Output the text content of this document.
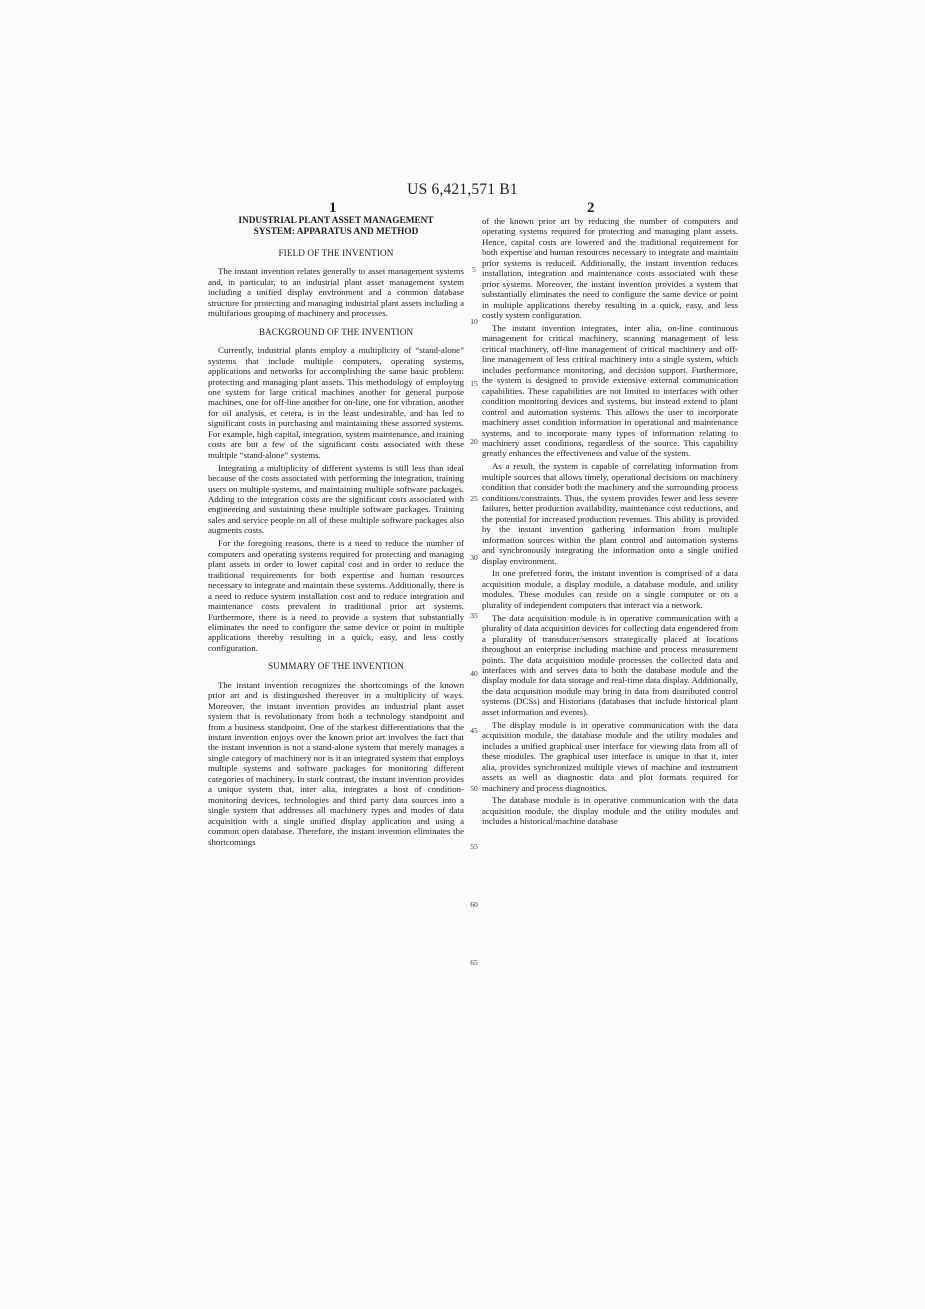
US 6,421,571 B1
1	2
INDUSTRIAL PLANT ASSET MANAGEMENT
SYSTEM: APPARATUS AND METHOD
FIELD OF THE INVENTION

The instant invention relates generally to asset management systems and, in particular, to an industrial plant asset management system including a unified display environment and a common database structure for protecting and managing industrial plant assets including a multifarious grouping of machinery and processes.

BACKGROUND OF THE INVENTION

Currently, industrial plants employ a multiplicity of “stand-alone” systems that include multiple computers, operating systems, applications and networks for accomplishing the same basic problem: protecting and managing plant assets. This methodology of employing one system for large critical machines another for general purpose machines, one for off-line another for on-line, one for vibration, another for oil analysis, et cetera, is in the least undesirable, and has led to significant costs in purchasing and maintaining these assorted systems. For example, high capital, integration, system maintenance, and training costs are but a few of the significant costs associated with these multiple “stand-alone” systems.

Integrating a multiplicity of different systems is still less than ideal because of the costs associated with performing the integration, training users on multiple systems, and maintaining multiple software packages. Adding to the integration costs are the significant costs associated with engineering and sustaining these multiple software packages. Training sales and service people on all of these multiple software packages also augments costs.

For the foregoing reasons, there is a need to reduce the number of computers and operating systems required for protecting and managing plant assets in order to lower capital cost and in order to reduce the traditional requirements for both expertise and human resources necessary to integrate and maintain these systems. Additionally, there is a need to reduce system installation cost and to reduce integration and maintenance costs prevalent in traditional prior art systems. Furthermore, there is a need to provide a system that substantially eliminates the need to configure the same device or point in multiple applications thereby resulting in a quick, easy, and less costly configuration.

SUMMARY OF THE INVENTION

The instant invention recognizes the shortcomings of the known prior art and is distinguished thereover in a multiplicity of ways. Moreover, the instant invention provides an industrial plant asset system that is revolutionary from both a technology standpoint and from a business standpoint. One of the starkest differentiations that the instant invention enjoys over the known prior art involves the fact that the instant invention is not a stand-alone system that merely manages a single category of machinery nor is it an integrated system that employs multiple systems and software packages for monitoring different categories of machinery. In stark contrast, the instant invention provides a unique system that, inter alia, integrates a host of condition-monitoring devices, technologies and third party data sources into a single system that addresses all machinery types and modes of data acquisition with a single unified display application and using a common open database. Therefore, the instant invention eliminates the shortcomings

of the known prior art by reducing the number of computers and operating systems required for protecting and managing plant assets. Hence, capital costs are lowered and the traditional requirement for both expertise and human resources necessary to integrate and maintain prior systems is reduced. Additionally, the instant invention reduces installation, integration and maintenance costs associated with these prior systems. Moreover, the instant invention provides a system that substantially eliminates the need to configure the same device or point in multiple applications thereby resulting in a quick, easy, and less costly system configuration.

The instant invention integrates, inter alia, on-line continuous management for critical machinery, scanning management of less critical machinery, off-line management of critical machinery and off-line management of less critical machinery into a single system, which includes performance monitoring, and decision support. Furthermore, the system is designed to provide extensive external communication capabilities. These capabilities are not limited to interfaces with other condition monitoring devices and systems, but instead extend to plant control and automation systems. This allows the user to incorporate machinery asset condition information in operational and maintenance systems, and to incorporate many types of information relating to machinery asset conditions, regardless of the source. This capability greatly enhances the effectiveness and value of the system.

As a result, the system is capable of correlating information from multiple sources that allows timely, operational decisions on machinery condition that consider both the machinery and the surrounding process conditions/constraints. Thus, the system provides fewer and less severe failures, better production availability, maintenance cost reductions, and the potential for increased production revenues. This ability is provided by the instant invention gathering information from multiple information sources within the plant control and automation systems and synchronously integrating the information onto a single unified display environment.

In one preferred form, the instant invention is comprised of a data acquisition module, a display module, a database module, and utility modules. These modules can reside on a single computer or on a plurality of independent computers that interact via a network.

The data acquisition module is in operative communication with a plurality of data acquisition devices for collecting data engendered from a plurality of transducer/sensors strategically placed at locations throughout an enterprise including machine and process measurement points. The data acquisition module processes the collected data and interfaces with and serves data to both the database module and the display module for data storage and real-time data display. Additionally, the data acquisition module may bring in data from distributed control systems (DCSs) and Historians (databases that include historical plant asset information and events).

The display module is in operative communication with the data acquisition module, the database module and the utility modules and includes a unified graphical user interface for viewing data from all of these modules. The graphical user interface is unique in that it, inter alia, provides synchronized multiple views of machine and instrument assets as well as diagnostic data and plot formats required for machinery and process diagnostics.

The database module is in operative communication with the data acquisition module, the display module and the utility modules and includes a historical/machine database

5
10
15
20
25
30
35
40
45
50
55
60
65
